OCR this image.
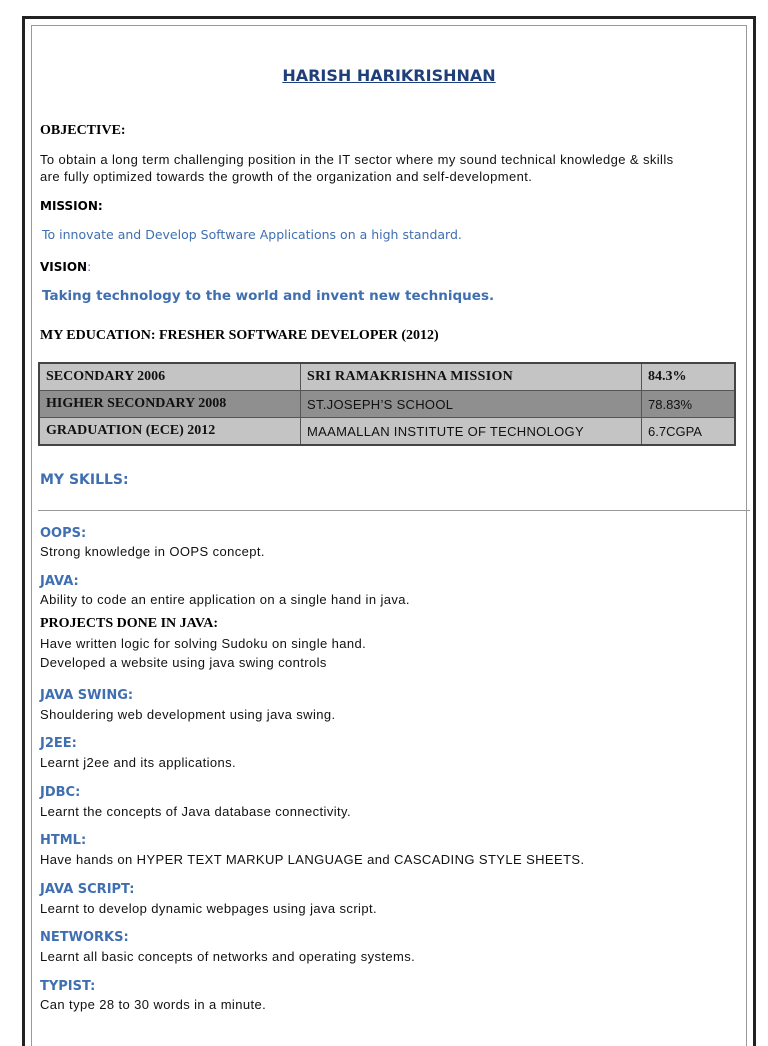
HARISH HARIKRISHNAN
OBJECTIVE:
To obtain a long term challenging position in the IT sector where my sound technical knowledge & skills
are fully optimized towards the growth of the organization and self-development.
MISSION:
To innovate and Develop Software Applications on a high standard.
VISION:
Taking technology to the world and invent new techniques.
MY EDUCATION: FRESHER SOFTWARE DEVELOPER (2012)
SECONDARY 2006	SRI RAMAKRISHNA MISSION	84.3%
HIGHER SECONDARY 2008	ST.JOSEPH’S SCHOOL	78.83%
GRADUATION (ECE) 2012	MAAMALLAN INSTITUTE OF TECHNOLOGY	6.7CGPA
MY SKILLS:
OOPS:
Strong knowledge in OOPS concept.
JAVA:
Ability to code an entire application on a single hand in java.
PROJECTS DONE IN JAVA:
Have written logic for solving Sudoku on single hand.
Developed a website using java swing controls
JAVA SWING:
Shouldering web development using java swing.
J2EE:
Learnt j2ee and its applications.
JDBC:
Learnt the concepts of Java database connectivity.
HTML:
Have hands on HYPER TEXT MARKUP LANGUAGE and CASCADING STYLE SHEETS.
JAVA SCRIPT:
Learnt to develop dynamic webpages using java script.
NETWORKS:
Learnt all basic concepts of networks and operating systems.
TYPIST:
Can type 28 to 30 words in a minute.
